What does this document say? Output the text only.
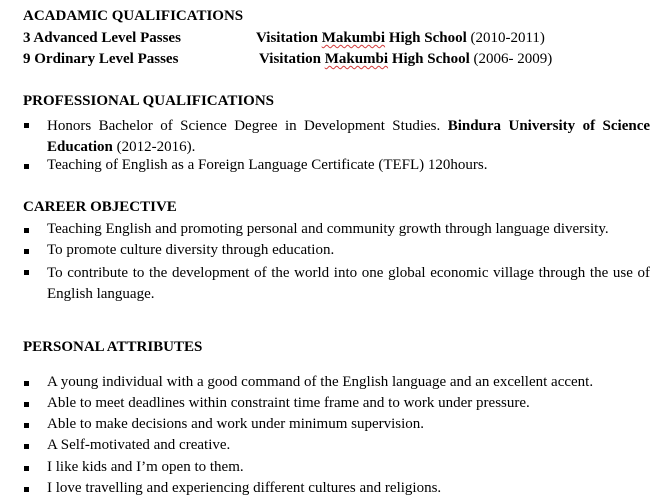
ACADAMIC QUALIFICATIONS
3 Advanced Level Passes	Visitation Makumbi High School (2010-2011)
9 Ordinary Level Passes	Visitation Makumbi High School (2006- 2009)
PROFESSIONAL QUALIFICATIONS
Honors Bachelor of Science Degree in Development Studies. Bindura University of Science Education (2012-2016).
Teaching of English as a Foreign Language Certificate (TEFL) 120hours.
CAREER OBJECTIVE
Teaching English and promoting personal and community growth through language diversity.
To promote culture diversity through education.
To contribute to the development of the world into one global economic village through the use of English language.
PERSONAL ATTRIBUTES
A young individual with a good command of the English language and an excellent accent.
Able to meet deadlines within constraint time frame and to work under pressure.
Able to make decisions and work under minimum supervision.
A Self-motivated and creative.
I like kids and I’m open to them.
I love travelling and experiencing different cultures and religions.
